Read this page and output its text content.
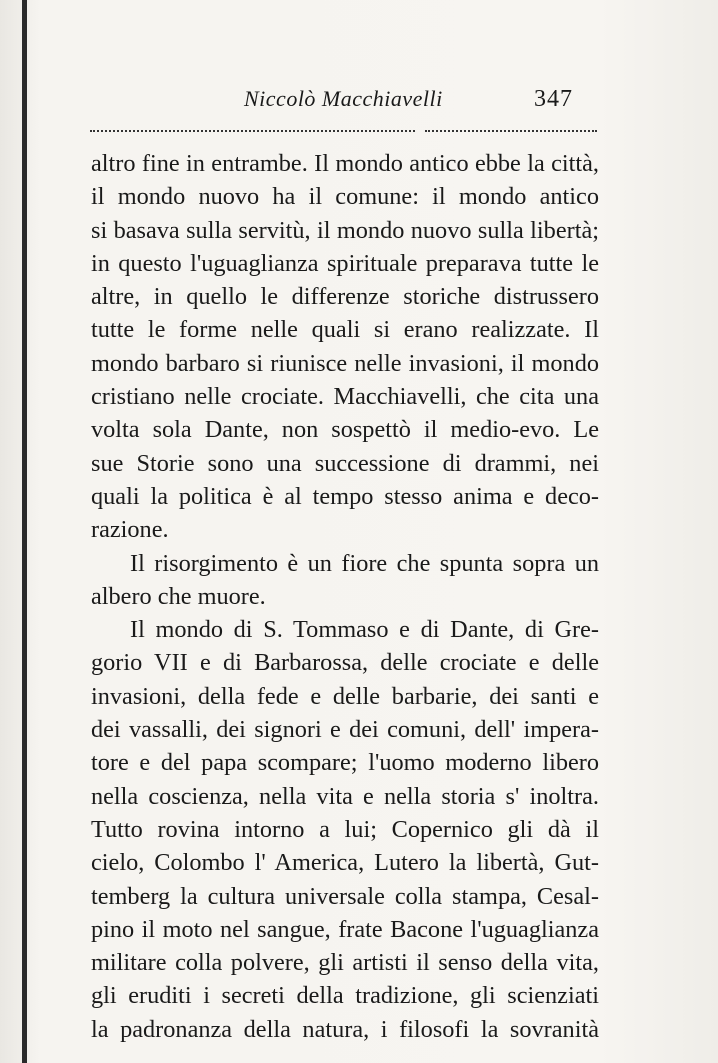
Niccolò Macchiavelli	347
altro fine in entrambe. Il mondo antico ebbe la città,
il mondo nuovo ha il comune: il mondo antico
si basava sulla servitù, il mondo nuovo sulla libertà;
in questo l'uguaglianza spirituale preparava tutte le
altre, in quello le differenze storiche distrussero
tutte le forme nelle quali si erano realizzate. Il
mondo barbaro si riunisce nelle invasioni, il mondo
cristiano nelle crociate. Macchiavelli, che cita una
volta sola Dante, non sospettò il medio-evo. Le
sue Storie sono una successione di drammi, nei
quali la politica è al tempo stesso anima e deco-
razione.
Il risorgimento è un fiore che spunta sopra un
albero che muore.
Il mondo di S. Tommaso e di Dante, di Gre-
gorio VII e di Barbarossa, delle crociate e delle
invasioni, della fede e delle barbarie, dei santi e
dei vassalli, dei signori e dei comuni, dell' impera-
tore e del papa scompare; l'uomo moderno libero
nella coscienza, nella vita e nella storia s' inoltra.
Tutto rovina intorno a lui; Copernico gli dà il
cielo, Colombo l' America, Lutero la libertà, Gut-
temberg la cultura universale colla stampa, Cesal-
pino il moto nel sangue, frate Bacone l'uguaglianza
militare colla polvere, gli artisti il senso della vita,
gli eruditi i secreti della tradizione, gli scienziati
la padronanza della natura, i filosofi la sovranità
